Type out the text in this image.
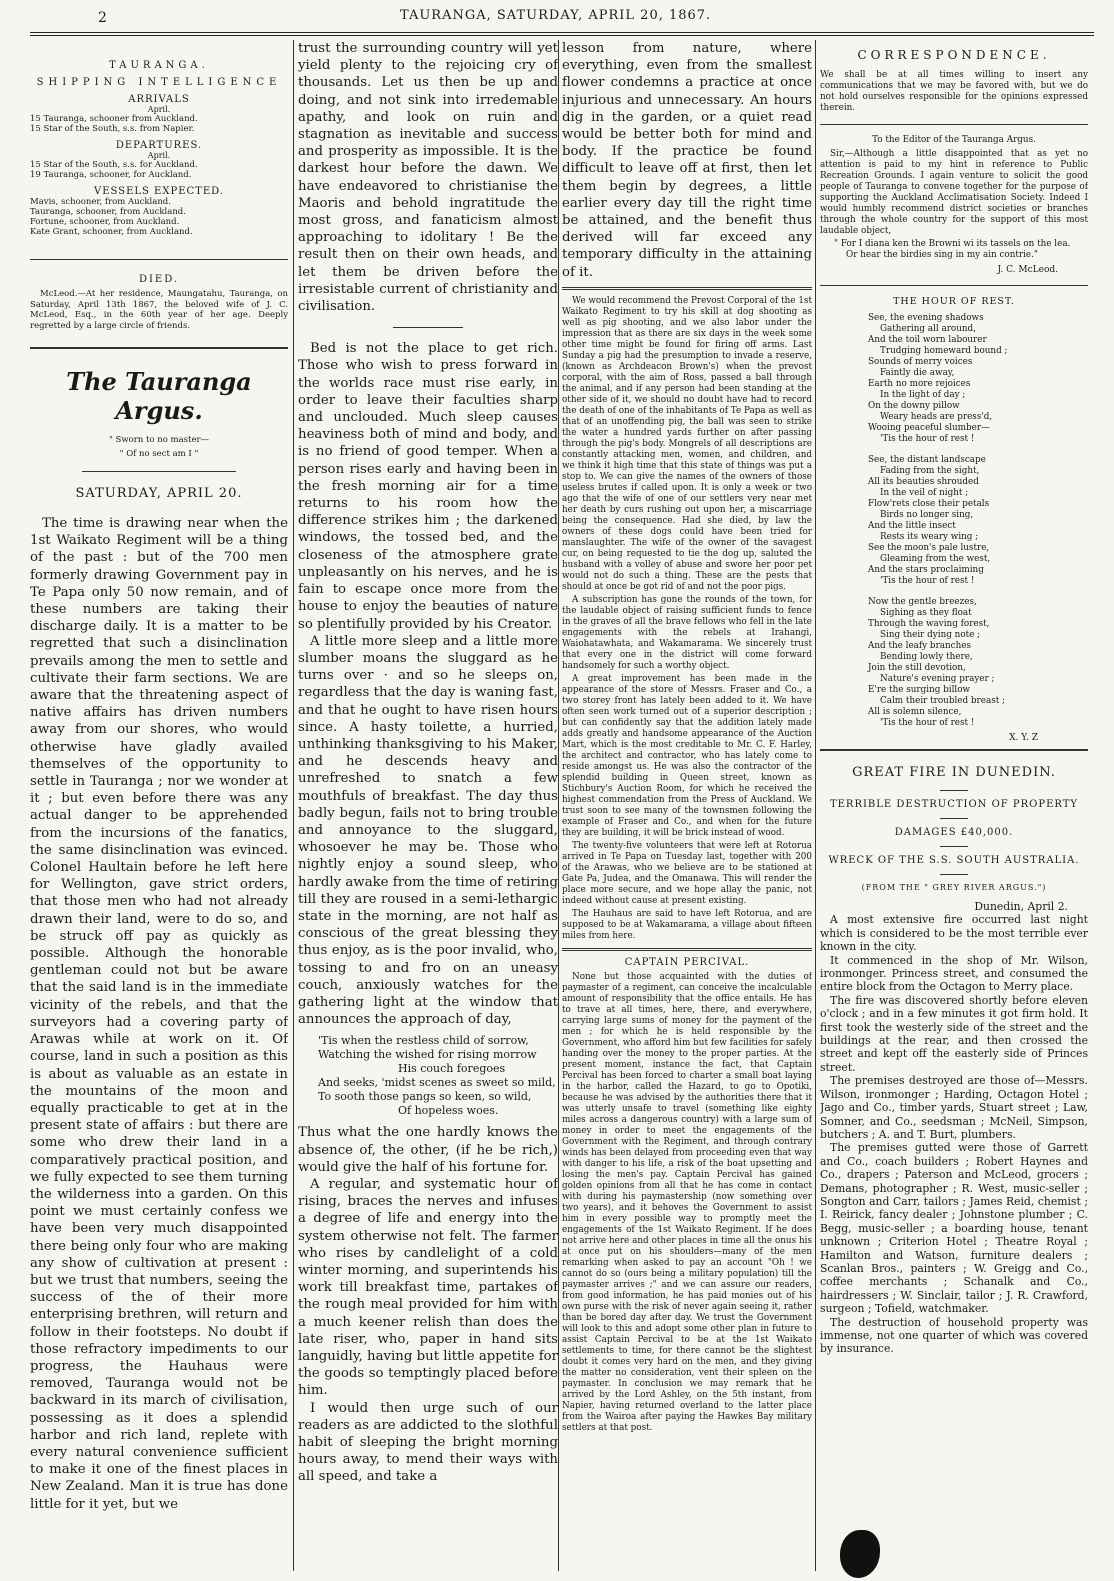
2	TAURANGA, SATURDAY, APRIL 20, 1867.
TAURANGA.
SHIPPING INTELLIGENCE
ARRIVALS
April.
15 Tauranga, schooner from Auckland.
15 Star of the South, s.s. from Napier.
DEPARTURES.
April.
15 Star of the South, s.s. for Auckland.
19 Tauranga, schooner, for Auckland.
VESSELS EXPECTED.
Mavis, schooner, from Auckland.
Tauranga, schooner, from Auckland.
Fortune, schooner, from Auckland.
Kate Grant, schooner, from Auckland.
DIED.
McLeod.—At her residence, Maungatahu, Tauranga, on Saturday, April 13th 1867, the beloved wife of J. C. McLeod, Esq., in the 60th year of her age. Deeply regretted by a large circle of friends.
The Tauranga Argus.
" Sworn to no master—
" Of no sect am I "
SATURDAY, APRIL 20.

The time is drawing near when the 1st Waikato Regiment will be a thing of the past : but of the 700 men formerly drawing Government pay in Te Papa only 50 now remain, and of these numbers are taking their discharge daily. It is a matter to be regretted that such a disinclination prevails among the men to settle and cultivate their farm sections. We are aware that the threatening aspect of native affairs has driven numbers away from our shores, who would otherwise have gladly availed themselves of the opportunity to settle in Tauranga ; nor we wonder at it ; but even before there was any actual danger to be apprehended from the incursions of the fanatics, the same disinclination was evinced. Colonel Haultain before he left here for Wellington, gave strict orders, that those men who had not already drawn their land, were to do so, and be struck off pay as quickly as possible. Although the honorable gentleman could not but be aware that the said land is in the immediate vicinity of the rebels, and that the surveyors had a covering party of Arawas while at work on it. Of course, land in such a position as this is about as valuable as an estate in the mountains of the moon and equally practicable to get at in the present state of affairs : but there are some who drew their land in a comparatively practical position, and we fully expected to see them turning the wilderness into a garden. On this point we must certainly confess we have been very much disappointed there being only four who are making any show of cultivation at present : but we trust that numbers, seeing the success of the of their more enterprising brethren, will return and follow in their footsteps. No doubt if those refractory impediments to our progress, the Hauhaus were removed, Tauranga would not be backward in its march of civilisation, possessing as it does a splendid harbor and rich land, replete with every natural convenience sufficient to make it one of the finest places in New Zealand. Man it is true has done little for it yet, but we

trust the surrounding country will yet yield plenty to the rejoicing cry of thousands. Let us then be up and doing, and not sink into irredemable apathy, and look on ruin and stagnation as inevitable and success and prosperity as impossible. It is the darkest hour before the dawn. We have endeavored to christianise the Maoris and behold ingratitude the most gross, and fanaticism almost approaching to idolitary ! Be the result then on their own heads, and let them be driven before the irresistable current of christianity and civilisation.

Bed is not the place to get rich. Those who wish to press forward in the worlds race must rise early, in order to leave their faculties sharp and unclouded. Much sleep causes heaviness both of mind and body, and is no friend of good temper. When a person rises early and having been in the fresh morning air for a time returns to his room how the difference strikes him ; the darkened windows, the tossed bed, and the closeness of the atmosphere grate unpleasantly on his nerves, and he is fain to escape once more from the house to enjoy the beauties of nature so plentifully provided by his Creator.

A little more sleep and a little more slumber moans the sluggard as he turns over · and so he sleeps on, regardless that the day is waning fast, and that he ought to have risen hours since. A hasty toilette, a hurried, unthinking thanksgiving to his Maker, and he descends heavy and unrefreshed to snatch a few mouthfuls of breakfast. The day thus badly begun, fails not to bring trouble and annoyance to the sluggard, whosoever he may be. Those who nightly enjoy a sound sleep, who hardly awake from the time of retiring till they are roused in a semi-lethargic state in the morning, are not half as conscious of the great blessing they thus enjoy, as is the poor invalid, who, tossing to and fro on an uneasy couch, anxiously watches for the gathering light at the window that announces the approach of day,

'Tis when the restless child of sorrow,
Watching the wished for rising morrow
His couch foregoes
And seeks, 'midst scenes as sweet so mild,
To sooth those pangs so keen, so wild,
Of hopeless woes.

Thus what the one hardly knows the absence of, the other, (if he be rich,) would give the half of his fortune for.

A regular, and systematic hour of rising, braces the nerves and infuses a degree of life and energy into the system otherwise not felt. The farmer who rises by candlelight of a cold winter morning, and superintends his work till breakfast time, partakes of the rough meal provided for him with a much keener relish than does the late riser, who, paper in hand sits languidly, having but little appetite for the goods so temptingly placed before him.

I would then urge such of our readers as are addicted to the slothful habit of sleeping the bright morning hours away, to mend their ways with all speed, and take a

lesson from nature, where everything, even from the smallest flower condemns a practice at once injurious and unnecessary. An hours dig in the garden, or a quiet read would be better both for mind and body. If the practice be found difficult to leave off at first, then let them begin by degrees, a little earlier every day till the right time be attained, and the benefit thus derived will far exceed any temporary difficulty in the attaining of it.

We would recommend the Prevost Corporal of the 1st Waikato Regiment to try his skill at dog shooting as well as pig shooting, and we also labor under the impression that as there are six days in the week some other time might be found for firing off arms. Last Sunday a pig had the presumption to invade a reserve, (known as Archdeacon Brown's) when the prevost corporal, with the aim of Ross, passed a ball through the animal, and if any person had been standing at the other side of it, we should no doubt have had to record the death of one of the inhabitants of Te Papa as well as that of an unoffending pig, the ball was seen to strike the water a hundred yards further on after passing through the pig's body. Mongrels of all descriptions are constantly attacking men, women, and children, and we think it high time that this state of things was put a stop to. We can give the names of the owners of those useless brutes if called upon. It is only a week or two ago that the wife of one of our settlers very near met her death by curs rushing out upon her, a miscarriage being the consequence. Had she died, by law the owners of these dogs could have been tried for manslaughter. The wife of the owner of the savagest cur, on being requested to tie the dog up, saluted the husband with a volley of abuse and swore her poor pet would not do such a thing. These are the pests that should at once be got rid of and not the poor pigs.

A subscription has gone the rounds of the town, for the laudable object of raising sufficient funds to fence in the graves of all the brave fellows who fell in the late engagements with the rebels at Irahangi, Waiohatawhata, and Wakamarama. We sincerely trust that every one in the district will come forward handsomely for such a worthy object.

A great improvement has been made in the appearance of the store of Messrs. Fraser and Co., a two storey front has lately been added to it. We have often seen work turned out of a superior description ; but can confidently say that the addition lately made adds greatly and handsome appearance of the Auction Mart, which is the most creditable to Mr. C. F. Harley, the architect and contractor, who has lately come to reside amongst us. He was also the contractor of the splendid building in Queen street, known as Stichbury's Auction Room, for which he received the highest commendation from the Press of Auckland. We trust soon to see many of the townsmen following the example of Fraser and Co., and when for the future they are building, it will be brick instead of wood.

The twenty-five volunteers that were left at Rotorua arrived in Te Papa on Tuesday last, together with 200 of the Arawas, who we believe are to be stationed at Gate Pa, Judea, and the Omanawa. This will render the place more secure, and we hope allay the panic, not indeed without cause at present existing.

The Hauhaus are said to have left Rotorua, and are supposed to be at Wakamarama, a village about fifteen miles from here.

CAPTAIN PERCIVAL.

None but those acquainted with the duties of paymaster of a regiment, can conceive the incalculable amount of responsibility that the office entails. He has to trave at all times, here, there, and everywhere, carrying large sums of money for the payment of the men ; for which he is held responsible by the Government, who afford him but few facilities for safely handing over the money to the proper parties. At the present moment, instance the fact, that Captain Percival has been forced to charter a small boat laying in the harbor, called the Hazard, to go to Opotiki, because he was advised by the authorities there that it was utterly unsafe to travel (something like eighty miles across a dangerous country) with a large sum of money in order to meet the engagements of the Government with the Regiment, and through contrary winds has been delayed from proceeding even that way with danger to his life, a risk of the boat upsetting and losing the men's pay. Captain Percival has gained golden opinions from all that he has come in contact with during his paymastership (now something over two years), and it behoves the Government to assist him in every possible way to promptly meet the engagements of the 1st Waikato Regiment. If he does not arrive here and other places in time all the onus his at once put on his shoulders—many of the men remarking when asked to pay an account "Oh ! we cannot do so (ours being a military population) till the paymaster arrives ;" and we can assure our readers, from good information, he has paid monies out of his own purse with the risk of never again seeing it, rather than be bored day after day. We trust the Government will look to this and adopt some other plan in future to assist Captain Percival to be at the 1st Waikato settlements to time, for there cannot be the slightest doubt it comes very hard on the men, and they giving the matter no consideration, vent their spleen on the paymaster. In conclusion we may remark that he arrived by the Lord Ashley, on the 5th instant, from Napier, having returned overland to the latter place from the Wairoa after paying the Hawkes Bay military settlers at that post.

CORRESPONDENCE.
We shall be at all times willing to insert any communications that we may be favored with, but we do not hold ourselves responsible for the opinions expressed therein.
To the Editor of the Tauranga Argus.
Sir,—Although a little disappointed that as yet no attention is paid to my hint in reference to Public Recreation Grounds. I again venture to solicit the good people of Tauranga to convene together for the purpose of supporting the Auckland Acclimatisation Society. Indeed I would humbly recommend district societies or branches through the whole country for the support of this most laudable object,
" For I diana ken the Browni wi its tassels on the lea.
Or hear the birdies sing in my ain contrie."
J. C. McLeod.
THE HOUR OF REST.
See, the evening shadows
Gathering all around,
And the toil worn labourer
Trudging homeward bound ;
Sounds of merry voices
Faintly die away,
Earth no more rejoices
In the light of day ;
On the downy pillow
Weary heads are press'd,
Wooing peaceful slumber—
'Tis the hour of rest !
See, the distant landscape
Fading from the sight,
All its beauties shrouded
In the veil of night ;
Flow'rets close their petals
Birds no longer sing,
And the little insect
Rests its weary wing ;
See the moon's pale lustre,
Gleaming from the west,
And the stars proclaiming
'Tis the hour of rest !
Now the gentle breezes,
Sighing as they float
Through the waving forest,
Sing their dying note ;
And the leafy branches
Bending lowly there,
Join the still devotion,
Nature's evening prayer ;
E're the surging billow
Calm their troubled breast ;
All is solemn silence,
'Tis the hour of rest !
X. Y. Z
GREAT FIRE IN DUNEDIN.
TERRIBLE DESTRUCTION OF PROPERTY
DAMAGES £40,000.
WRECK OF THE S.S. SOUTH AUSTRALIA.
(FROM THE " GREY RIVER ARGUS.")
Dunedin, April 2.

A most extensive fire occurred last night which is considered to be the most terrible ever known in the city.

It commenced in the shop of Mr. Wilson, ironmonger. Princess street, and consumed the entire block from the Octagon to Merry place.

The fire was discovered shortly before eleven o'clock ; and in a few minutes it got firm hold. It first took the westerly side of the street and the buildings at the rear, and then crossed the street and kept off the easterly side of Princes street.

The premises destroyed are those of—Messrs. Wilson, ironmonger ; Harding, Octagon Hotel ; Jago and Co., timber yards, Stuart street ; Law, Somner, and Co., seedsman ; McNeil, Simpson, butchers ; A. and T. Burt, plumbers.

The premises gutted were those of Garrett and Co., coach builders ; Robert Haynes and Co., drapers ; Paterson and McLeod, grocers ; Demans, photographer ; R. West, music-seller ; Songton and Carr, tailors ; James Reid, chemist ; I. Reirick, fancy dealer ; Johnstone plumber ; C. Begg, music-seller ; a boarding house, tenant unknown ; Criterion Hotel ; Theatre Royal ; Hamilton and Watson, furniture dealers ; Scanlan Bros., painters ; W. Greigg and Co., coffee merchants ; Schanalk and Co., hairdressers ; W. Sinclair, tailor ; J. R. Crawford, surgeon ; Tofield, watchmaker.

The destruction of household property was immense, not one quarter of which was covered by insurance.
